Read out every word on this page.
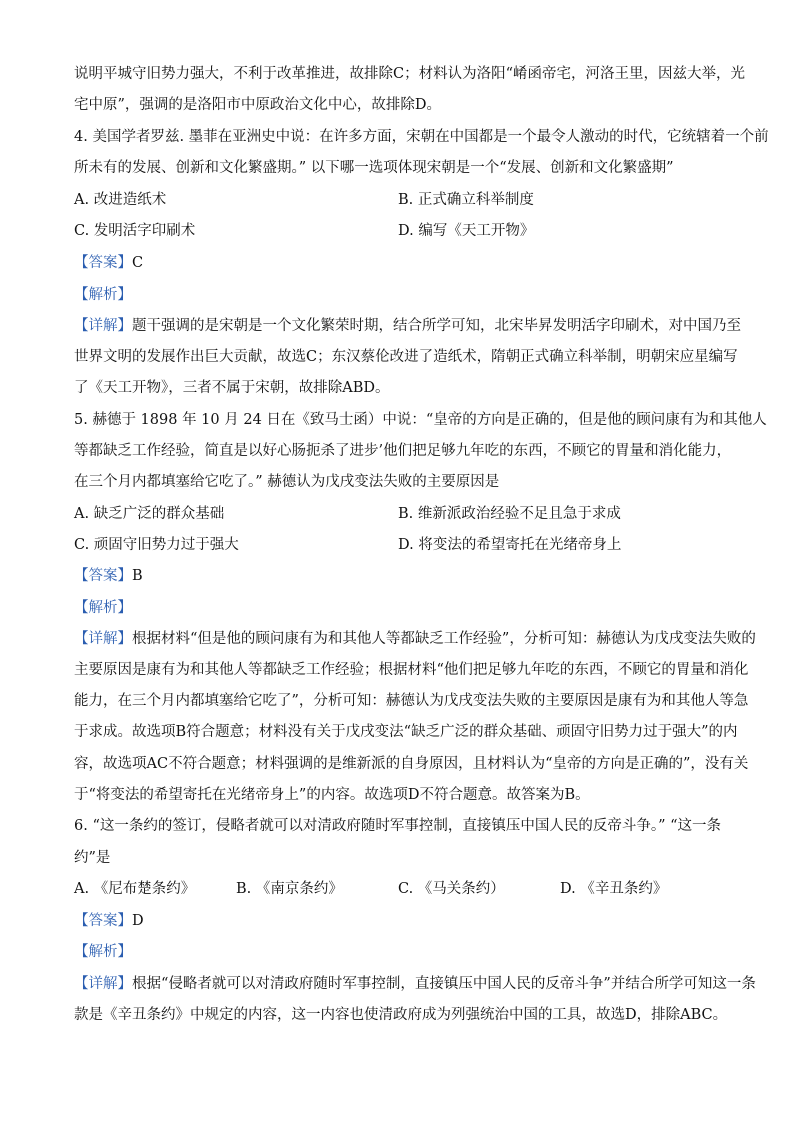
说明平城守旧势力强大，不利于改革推进，故排除C；材料认为洛阳“崤函帝宅，河洛王里，因兹大举，光
宅中原”，强调的是洛阳市中原政治文化中心，故排除D。
4. 美国学者罗兹. 墨菲在亚洲史中说：在许多方面，宋朝在中国都是一个最令人激动的时代，它统辖着一个前
所未有的发展、创新和文化繁盛期。” 以下哪一选项体现宋朝是一个“发展、创新和文化繁盛期”
A. 改进造纸术	B. 正式确立科举制度
C. 发明活字印刷术	D. 编写《天工开物》
【答案】C
【解析】
【详解】题干强调的是宋朝是一个文化繁荣时期，结合所学可知，北宋毕昇发明活字印刷术，对中国乃至
世界文明的发展作出巨大贡献，故选C；东汉蔡伦改进了造纸术，隋朝正式确立科举制，明朝宋应星编写
了《天工开物》，三者不属于宋朝，故排除ABD。
5. 赫德于 1898 年 10 月 24 日在《致马士函）中说：“皇帝的方向是正确的，但是他的顾问康有为和其他人
等都缺乏工作经验，简直是以好心肠扼杀了进步’他们把足够九年吃的东西，不顾它的胃量和消化能力，
在三个月内都填塞给它吃了。” 赫德认为戊戌变法失败的主要原因是
A. 缺乏广泛的群众基础	B. 维新派政治经验不足且急于求成
C. 顽固守旧势力过于强大	D. 将变法的希望寄托在光绪帝身上
【答案】B
【解析】
【详解】根据材料“但是他的顾问康有为和其他人等都缺乏工作经验”，分析可知：赫德认为戊戌变法失败的
主要原因是康有为和其他人等都缺乏工作经验；根据材料“他们把足够九年吃的东西，不顾它的胃量和消化
能力，在三个月内都填塞给它吃了”，分析可知：赫德认为戊戌变法失败的主要原因是康有为和其他人等急
于求成。故选项B符合题意；材料没有关于戊戌变法“缺乏广泛的群众基础、顽固守旧势力过于强大”的内
容，故选项AC不符合题意；材料强调的是维新派的自身原因，且材料认为“皇帝的方向是正确的”，没有关
于“将变法的希望寄托在光绪帝身上”的内容。故选项D不符合题意。故答案为B。
6. “这一条约的签订，侵略者就可以对清政府随时军事控制，直接镇压中国人民的反帝斗争。” “这一条
约”是
A. 《尼布楚条约》	B. 《南京条约》	C. 《马关条约）	D. 《辛丑条约》
【答案】D
【解析】
【详解】根据“侵略者就可以对清政府随时军事控制，直接镇压中国人民的反帝斗争”并结合所学可知这一条
款是《辛丑条约》中规定的内容，这一内容也使清政府成为列强统治中国的工具，故选D，排除ABC。
